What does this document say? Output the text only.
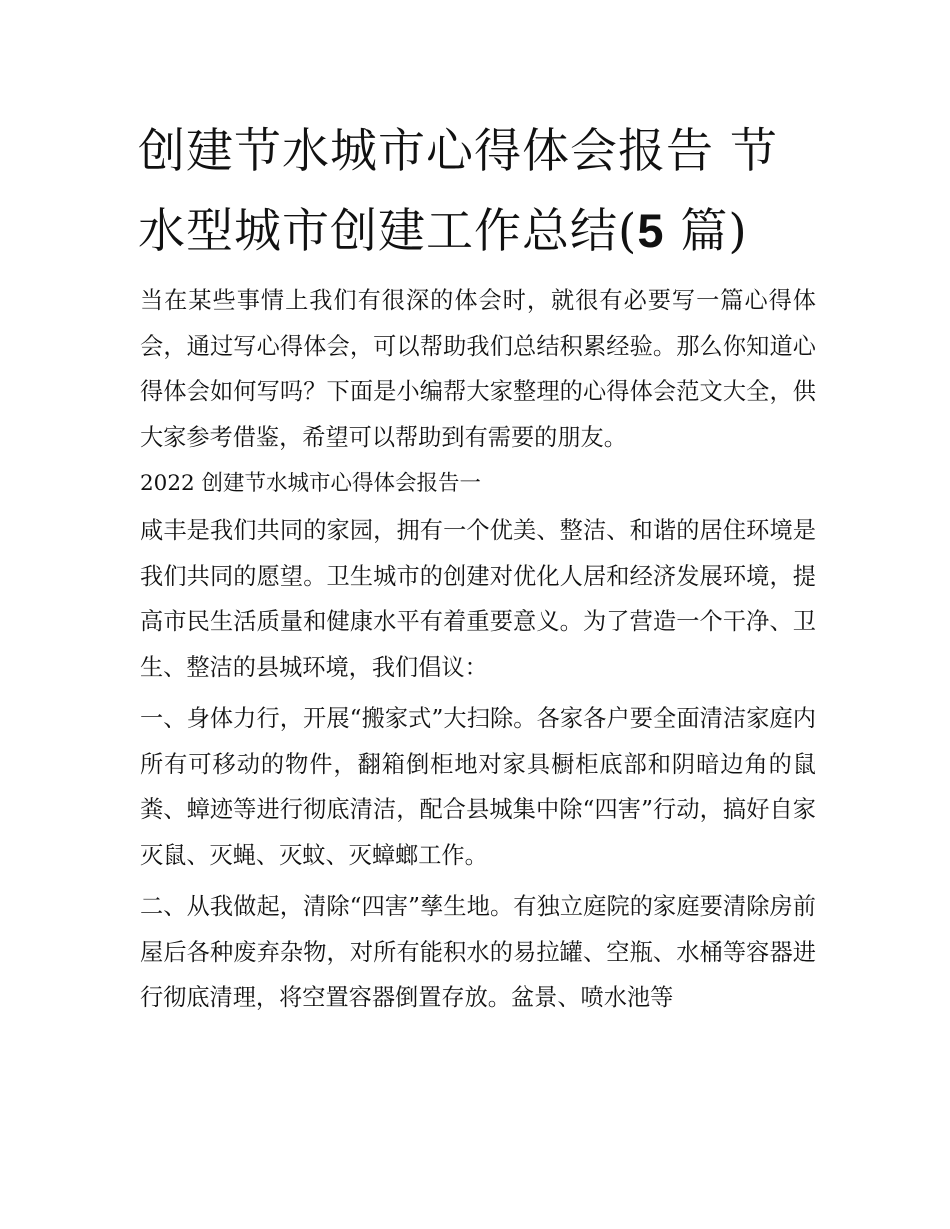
创建节水城市心得体会报告 节水型城市创建工作总结(5 篇)

当在某些事情上我们有很深的体会时，就很有必要写一篇心得体会，通过写心得体会，可以帮助我们总结积累经验。那么你知道心得体会如何写吗？下面是小编帮大家整理的心得体会范文大全，供大家参考借鉴，希望可以帮助到有需要的朋友。

2022 创建节水城市心得体会报告一

咸丰是我们共同的家园，拥有一个优美、整洁、和谐的居住环境是我们共同的愿望。卫生城市的创建对优化人居和经济发展环境，提高市民生活质量和健康水平有着重要意义。为了营造一个干净、卫生、整洁的县城环境，我们倡议：

一、身体力行，开展“搬家式”大扫除。各家各户要全面清洁家庭内所有可移动的物件，翻箱倒柜地对家具橱柜底部和阴暗边角的鼠粪、蟑迹等进行彻底清洁，配合县城集中除“四害”行动，搞好自家灭鼠、灭蝇、灭蚊、灭蟑螂工作。

二、从我做起，清除“四害”孳生地。有独立庭院的家庭要清除房前屋后各种废弃杂物，对所有能积水的易拉罐、空瓶、水桶等容器进行彻底清理，将空置容器倒置存放。盆景、喷水池等
